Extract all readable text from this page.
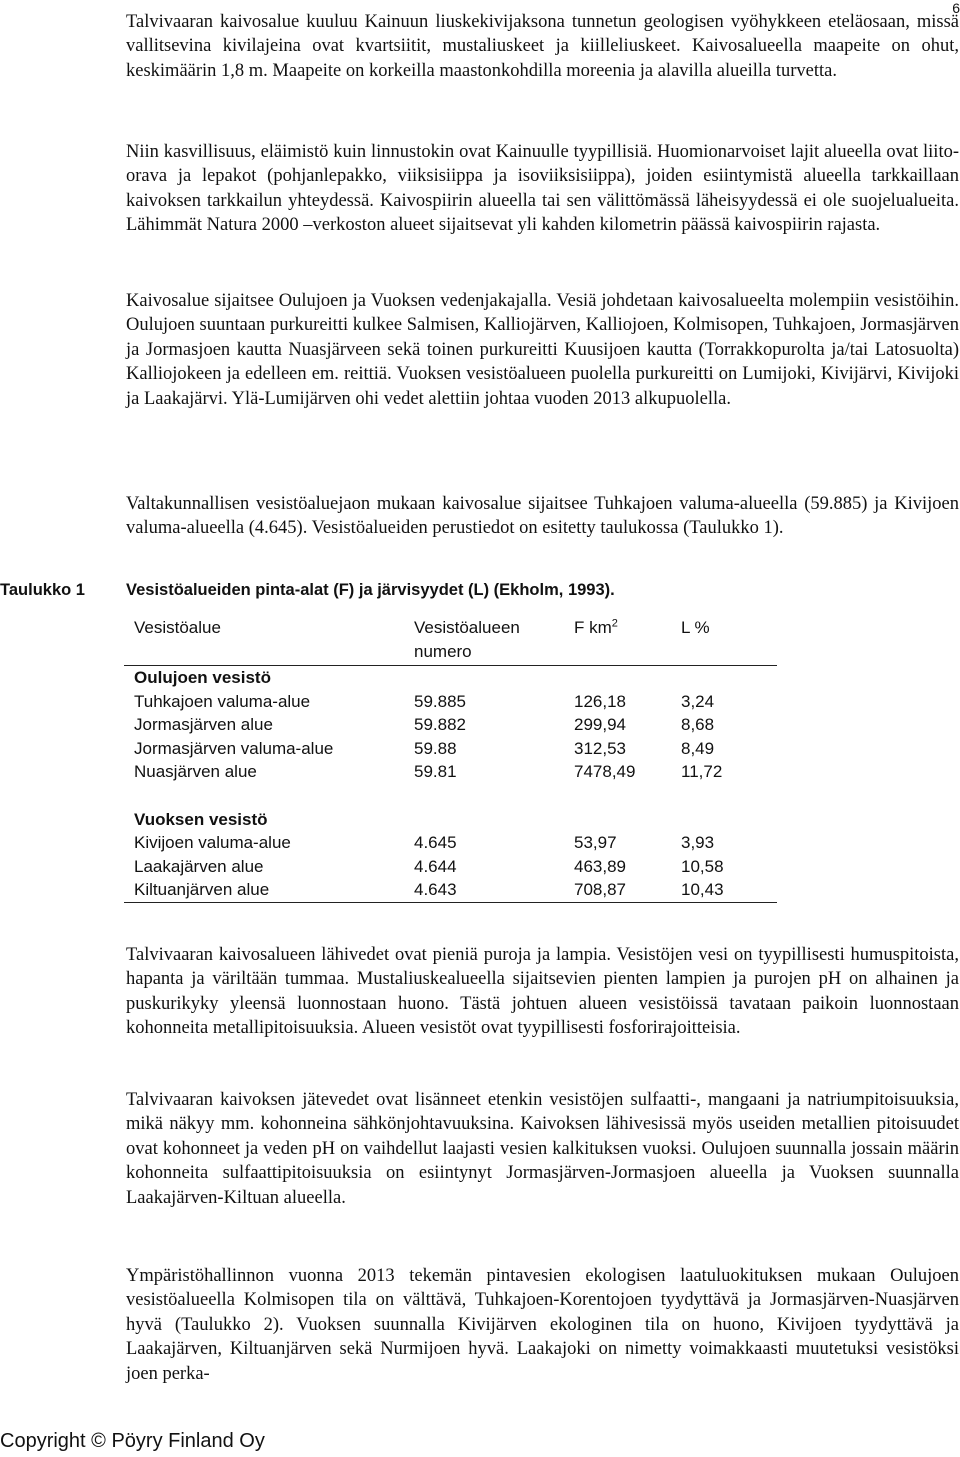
6

Talvivaaran kaivosalue kuuluu Kainuun liuskekivijaksona tunnetun geologisen vyöhykkeen eteläosaan, missä vallitsevina kivilajeina ovat kvartsiitit, mustaliuskeet ja kiilleliuskeet. Kaivosalueella maapeite on ohut, keskimäärin 1,8 m. Maapeite on korkeilla maastonkohdilla moreenia ja alavilla alueilla turvetta.

Niin kasvillisuus, eläimistö kuin linnustokin ovat Kainuulle tyypillisiä. Huomionarvoiset lajit alueella ovat liito-orava ja lepakot (pohjanlepakko, viiksisiippa ja isoviiksisiippa), joiden esiintymistä alueella tarkkaillaan kaivoksen tarkkailun yhteydessä. Kaivospiirin alueella tai sen välittömässä läheisyydessä ei ole suojelualueita. Lähimmät Natura 2000 –verkoston alueet sijaitsevat yli kahden kilometrin päässä kaivospiirin rajasta.

Kaivosalue sijaitsee Oulujoen ja Vuoksen vedenjakajalla. Vesiä johdetaan kaivosalueelta molempiin vesistöihin. Oulujoen suuntaan purkureitti kulkee Salmisen, Kalliojärven, Kalliojoen, Kolmisopen, Tuhkajoen, Jormasjärven ja Jormasjoen kautta Nuasjärveen sekä toinen purkureitti Kuusijoen kautta (Torrakkopurolta ja/tai Latosuolta) Kalliojokeen ja edelleen em. reittiä. Vuoksen vesistöalueen puolella purkureitti on Lumijoki, Kivijärvi, Kivijoki ja Laakajärvi. Ylä-Lumijärven ohi vedet alettiin johtaa vuoden 2013 alkupuolella.

Valtakunnallisen vesistöaluejaon mukaan kaivosalue sijaitsee Tuhkajoen valuma-alueella (59.885) ja Kivijoen valuma-alueella (4.645). Vesistöalueiden perustiedot on esitetty taulukossa (Taulukko 1).

Taulukko 1 Vesistöalueiden pinta-alat (F) ja järvisyydet (L) (Ekholm, 1993).
Vesistöalue	Vesistöalueen numero	F $km^2$	L %
Oulujoen vesistö			
Tuhkajoen valuma-alue	59.885	126,18	3,24
Jormasjärven alue	59.882	299,94	8,68
Jormasjärven valuma-alue	59.88	312,53	8,49
Nuasjärven alue	59.81	7478,49	11,72

Vuoksen vesistö			
Kivijoen valuma-alue	4.645	53,97	3,93
Laakajärven alue	4.644	463,89	10,58
Kiltuanjärven alue	4.643	708,87	10,43

Talvivaaran kaivosalueen lähivedet ovat pieniä puroja ja lampia. Vesistöjen vesi on tyypillisesti humuspitoista, hapanta ja väriltään tummaa. Mustaliuskealueella sijaitsevien pienten lampien ja purojen pH on alhainen ja puskurikyky yleensä luonnostaan huono. Tästä johtuen alueen vesistöissä tavataan paikoin luonnostaan kohonneita metallipitoisuuksia. Alueen vesistöt ovat tyypillisesti fosforirajoitteisia.

Talvivaaran kaivoksen jätevedet ovat lisänneet etenkin vesistöjen sulfaatti-, mangaani ja natriumpitoisuuksia, mikä näkyy mm. kohonneina sähkönjohtavuuksina. Kaivoksen lähivesissä myös useiden metallien pitoisuudet ovat kohonneet ja veden pH on vaihdellut laajasti vesien kalkituksen vuoksi. Oulujoen suunnalla jossain määrin kohonneita sulfaattipitoisuuksia on esiintynyt Jormasjärven-Jormasjoen alueella ja Vuoksen suunnalla Laakajärven-Kiltuan alueella.

Ympäristöhallinnon vuonna 2013 tekemän pintavesien ekologisen laatuluokituksen mukaan Oulujoen vesistöalueella Kolmisopen tila on välttävä, Tuhkajoen-Korentojoen tyydyttävä ja Jormasjärven-Nuasjärven hyvä (Taulukko 2). Vuoksen suunnalla Kivijärven ekologinen tila on huono, Kivijoen tyydyttävä ja Laakajärven, Kiltuanjärven sekä Nurmijoen hyvä. Laakajoki on nimetty voimakkaasti muutetuksi vesistöksi joen perka-

Copyright © Pöyry Finland Oy
